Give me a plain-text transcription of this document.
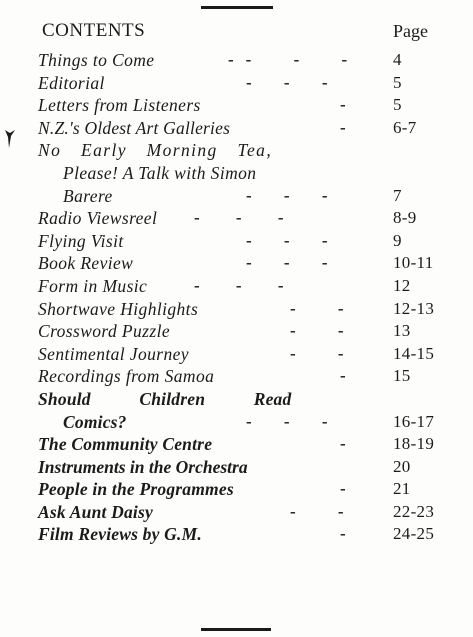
CONTENTS	Page
Things to Come	-- - - 4
Editorial	- - -	5
Letters from Listeners	-	5
N.Z.'s Oldest Art Galleries	-	6-7
No Early Morning Tea,
Please! A Talk with Simon
Barere	- - -	7
Radio Viewsreel - - -	8-9
Flying Visit	- - -	9
Book Review	- - -	10-11
Form in Music	- - -	12
Shortwave Highlights	- -	12-13
Crossword Puzzle	- -	13
Sentimental Journey	- -	14-15
Recordings from Samoa	-	15
Should Children Read
Comics?	- - -	16-17
The Community Centre	-	18-19
Instruments in the Orchestra	20
People in the Programmes	-	21
Ask Aunt Daisy	- -	22-23
Film Reviews by G.M.	-	24-25
